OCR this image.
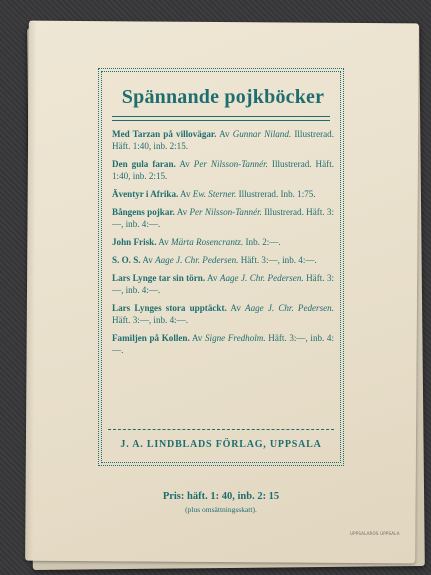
Spännande pojkböcker
Med Tarzan på villovägar. Av Gunnar Niland. Illustrerad. Häft. 1:40, inb. 2:15.
Den gula faran. Av Per Nilsson-Tannér. Illustrerad. Häft. 1:40, inb. 2:15.
Äventyr i Afrika. Av Ew. Sterner. Illustrerad. Inb. 1:75.
Bångens pojkar. Av Per Nilsson-Tannér. Illustrerad. Häft. 3:—, inb. 4:—.
John Frisk. Av Märta Rosencrantz. Inb. 2:—.
S. O. S. Av Aage J. Chr. Pedersen. Häft. 3:—, inb. 4:—.
Lars Lynge tar sin törn. Av Aage J. Chr. Pedersen. Häft. 3:—, inb. 4:—.
Lars Lynges stora upptäckt. Av Aage J. Chr. Pedersen. Häft. 3:—, inb. 4:—.
Familjen på Kollen. Av Signe Fredholm. Häft. 3:—, inb. 4:—.
J. A. LINDBLADS FÖRLAG, UPPSALA
Pris: häft. 1: 40, inb. 2: 15
(plus omsättningsskatt).
UPPSALAROS UPPSALA
